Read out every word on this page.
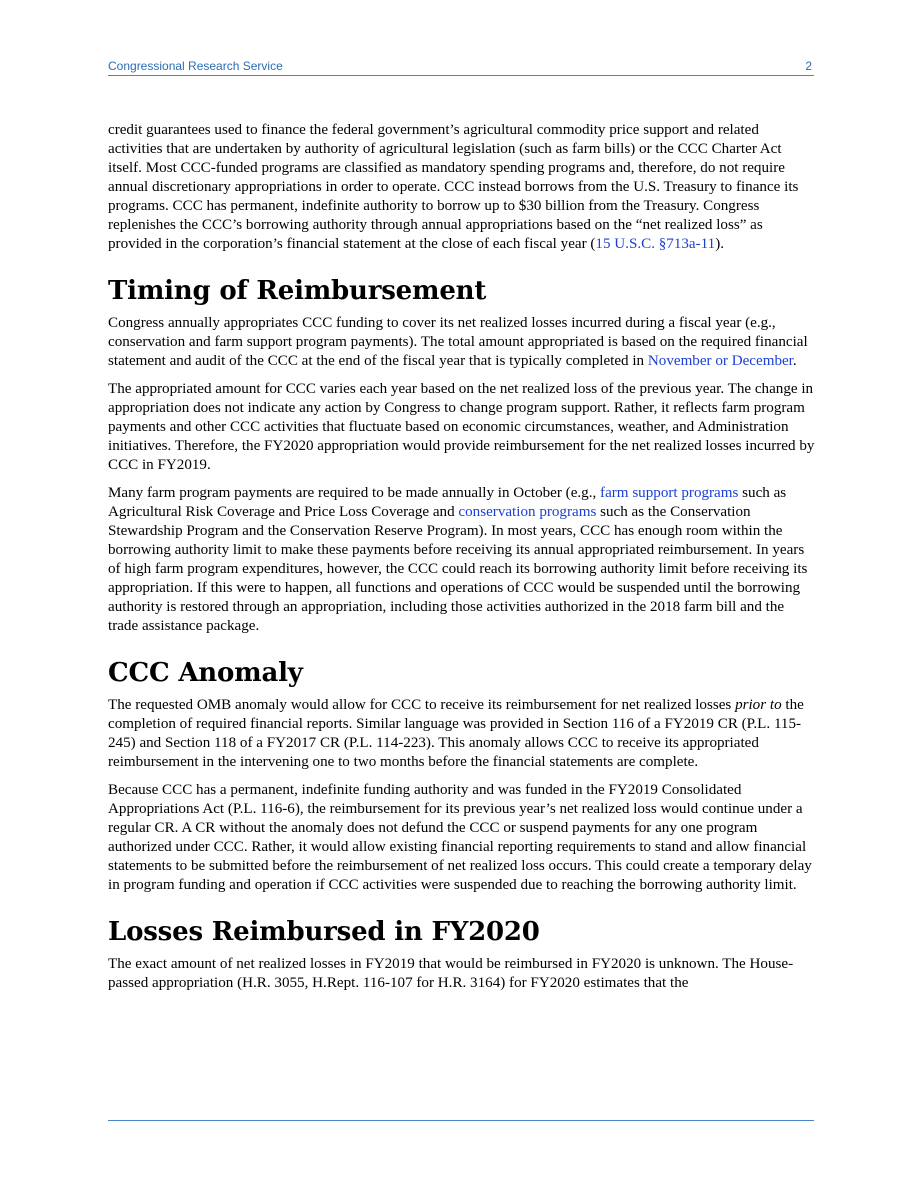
Congressional Research Service	2

credit guarantees used to finance the federal government’s agricultural commodity price support and related activities that are undertaken by authority of agricultural legislation (such as farm bills) or the CCC Charter Act itself. Most CCC-funded programs are classified as mandatory spending programs and, therefore, do not require annual discretionary appropriations in order to operate. CCC instead borrows from the U.S. Treasury to finance its programs. CCC has permanent, indefinite authority to borrow up to $30 billion from the Treasury. Congress replenishes the CCC’s borrowing authority through annual appropriations based on the “net realized loss” as provided in the corporation’s financial statement at the close of each fiscal year (15 U.S.C. §713a-11).

Timing of Reimbursement

Congress annually appropriates CCC funding to cover its net realized losses incurred during a fiscal year (e.g., conservation and farm support program payments). The total amount appropriated is based on the required financial statement and audit of the CCC at the end of the fiscal year that is typically completed in November or December.

The appropriated amount for CCC varies each year based on the net realized loss of the previous year. The change in appropriation does not indicate any action by Congress to change program support. Rather, it reflects farm program payments and other CCC activities that fluctuate based on economic circumstances, weather, and Administration initiatives. Therefore, the FY2020 appropriation would provide reimbursement for the net realized losses incurred by CCC in FY2019.

Many farm program payments are required to be made annually in October (e.g., farm support programs such as Agricultural Risk Coverage and Price Loss Coverage and conservation programs such as the Conservation Stewardship Program and the Conservation Reserve Program). In most years, CCC has enough room within the borrowing authority limit to make these payments before receiving its annual appropriated reimbursement. In years of high farm program expenditures, however, the CCC could reach its borrowing authority limit before receiving its appropriation. If this were to happen, all functions and operations of CCC would be suspended until the borrowing authority is restored through an appropriation, including those activities authorized in the 2018 farm bill and the trade assistance package.

CCC Anomaly

The requested OMB anomaly would allow for CCC to receive its reimbursement for net realized losses prior to the completion of required financial reports. Similar language was provided in Section 116 of a FY2019 CR (P.L. 115-245) and Section 118 of a FY2017 CR (P.L. 114-223). This anomaly allows CCC to receive its appropriated reimbursement in the intervening one to two months before the financial statements are complete.

Because CCC has a permanent, indefinite funding authority and was funded in the FY2019 Consolidated Appropriations Act (P.L. 116-6), the reimbursement for its previous year’s net realized loss would continue under a regular CR. A CR without the anomaly does not defund the CCC or suspend payments for any one program authorized under CCC. Rather, it would allow existing financial reporting requirements to stand and allow financial statements to be submitted before the reimbursement of net realized loss occurs. This could create a temporary delay in program funding and operation if CCC activities were suspended due to reaching the borrowing authority limit.

Losses Reimbursed in FY2020

The exact amount of net realized losses in FY2019 that would be reimbursed in FY2020 is unknown. The House-passed appropriation (H.R. 3055, H.Rept. 116-107 for H.R. 3164) for FY2020 estimates that the
